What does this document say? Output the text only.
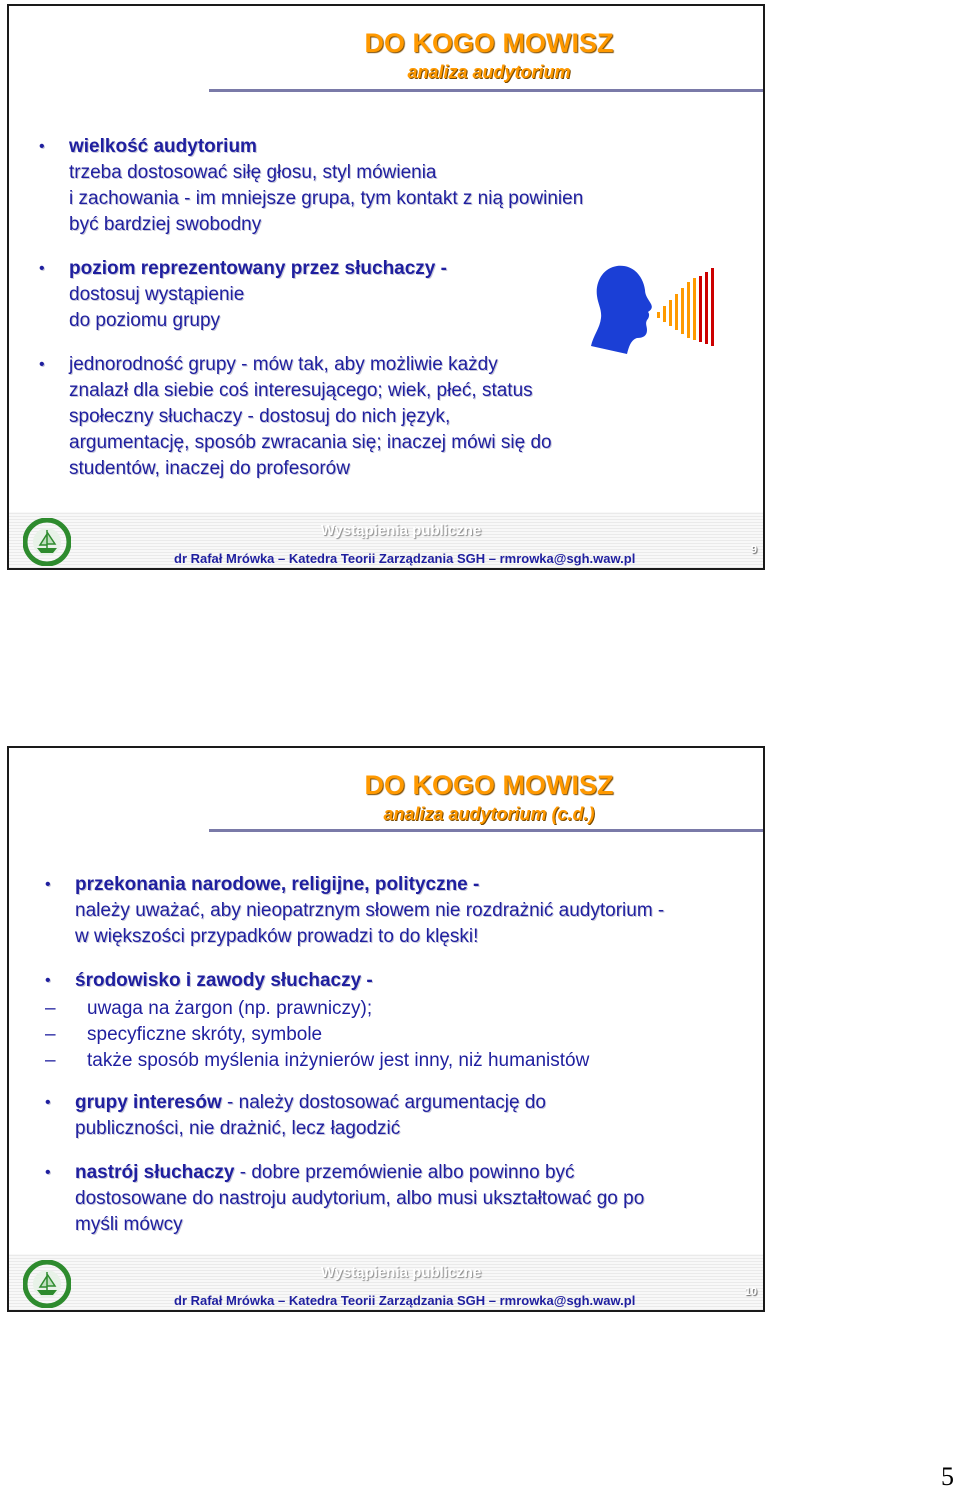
DO KOGO MOWISZ
analiza audytorium
• wielkość audytorium
trzeba dostosować siłę głosu, styl mówienia
i zachowania - im mniejsze grupa, tym kontakt z nią powinien
być bardziej swobodny
• poziom reprezentowany przez słuchaczy -
dostosuj wystąpienie
do poziomu grupy
• jednorodność grupy - mów tak, aby możliwie każdy
znalazł dla siebie coś interesującego; wiek, płeć, status
społeczny słuchaczy - dostosuj do nich język,
argumentację, sposób zwracania się; inaczej mówi się do
studentów, inaczej do profesorów
Wystąpienia publiczne
dr Rafał Mrówka – Katedra Teorii Zarządzania SGH – rmrowka@sgh.waw.pl
9
DO KOGO MOWISZ
analiza audytorium (c.d.)
• przekonania narodowe, religijne, polityczne -
należy uważać, aby nieopatrznym słowem nie rozdrażnić audytorium -
w większości przypadków prowadzi to do klęski!
• środowisko i zawody słuchaczy -
– uwaga na żargon (np. prawniczy);
– specyficzne skróty, symbole
– także sposób myślenia inżynierów jest inny, niż humanistów
• grupy interesów - należy dostosować argumentację do
publiczności, nie drażnić, lecz łagodzić
• nastrój słuchaczy - dobre przemówienie albo powinno być
dostosowane do nastroju audytorium, albo musi ukształtować go po
myśli mówcy
Wystąpienia publiczne
dr Rafał Mrówka – Katedra Teorii Zarządzania SGH – rmrowka@sgh.waw.pl
10
5
